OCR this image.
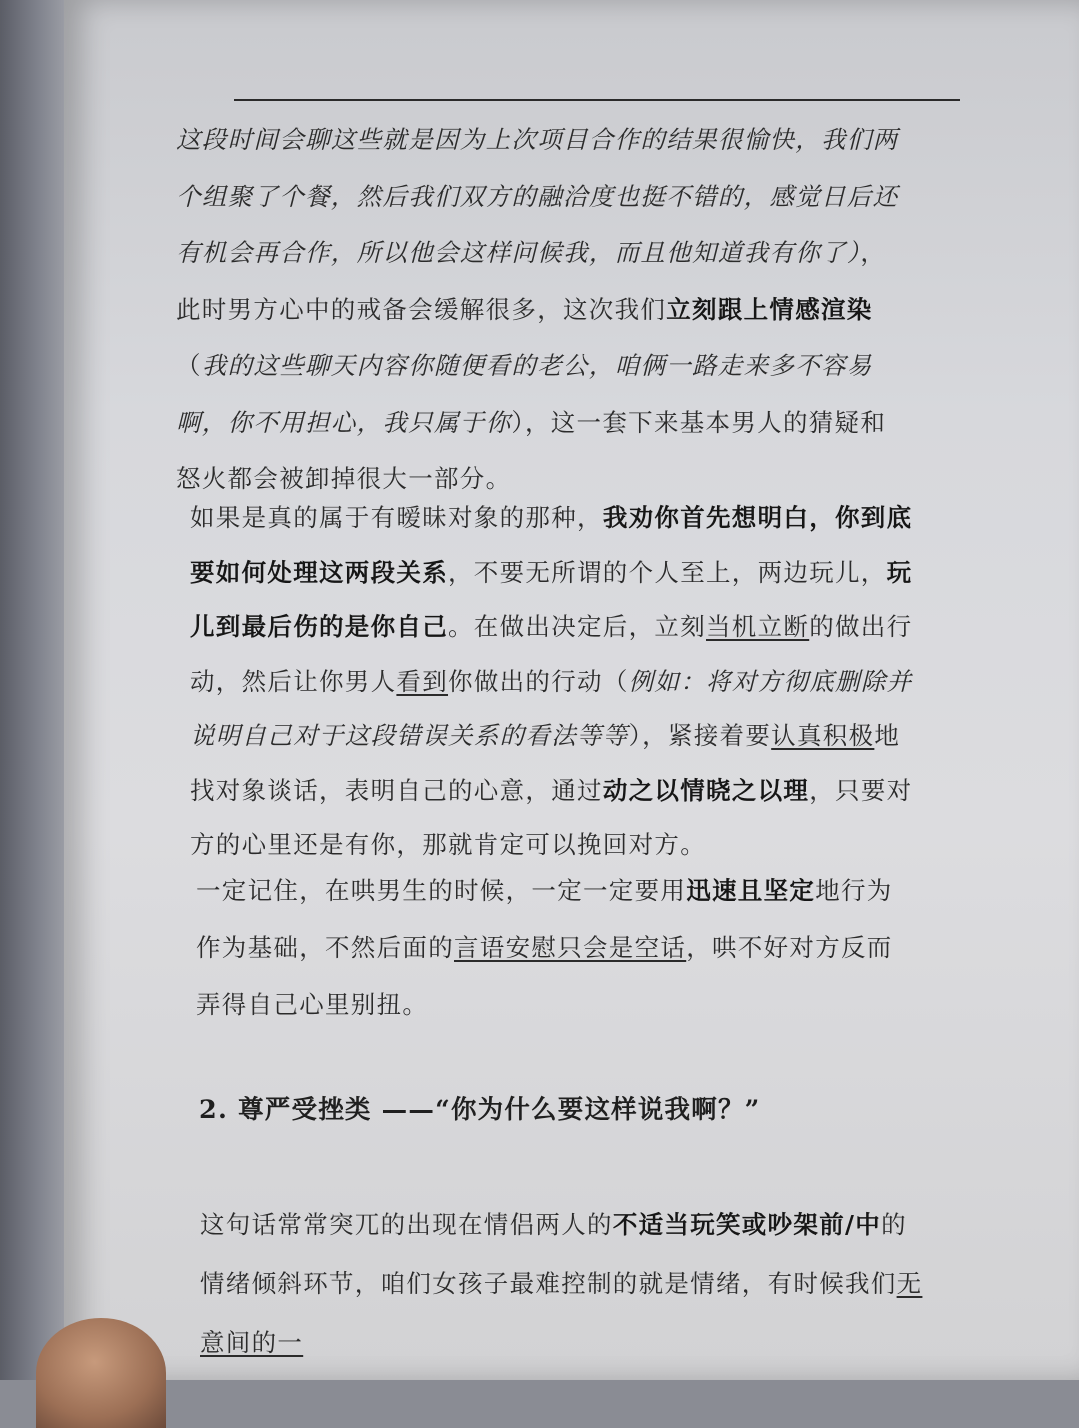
这段时间会聊这些就是因为上次项目合作的结果很愉快，我们两个组聚了个餐，然后我们双方的融洽度也挺不错的，感觉日后还有机会再合作，所以他会这样问候我，而且他知道我有你了），此时男方心中的戒备会缓解很多，这次我们立刻跟上情感渲染（我的这些聊天内容你随便看的老公，咱俩一路走来多不容易啊，你不用担心，我只属于你），这一套下来基本男人的猜疑和怒火都会被卸掉很大一部分。

如果是真的属于有暧昧对象的那种，我劝你首先想明白，你到底要如何处理这两段关系，不要无所谓的个人至上，两边玩儿，玩儿到最后伤的是你自己。在做出决定后，立刻当机立断的做出行动，然后让你男人看到你做出的行动（例如：将对方彻底删除并说明自己对于这段错误关系的看法等等），紧接着要认真积极地找对象谈话，表明自己的心意，通过动之以情晓之以理，只要对方的心里还是有你，那就肯定可以挽回对方。

一定记住，在哄男生的时候，一定一定要用迅速且坚定地行为作为基础，不然后面的言语安慰只会是空话，哄不好对方反而弄得自己心里别扭。

2. 尊严受挫类 ——“你为什么要这样说我啊？”

这句话常常突兀的出现在情侣两人的不适当玩笑或吵架前/中的情绪倾斜环节，咱们女孩子最难控制的就是情绪，有时候我们无意间的一
